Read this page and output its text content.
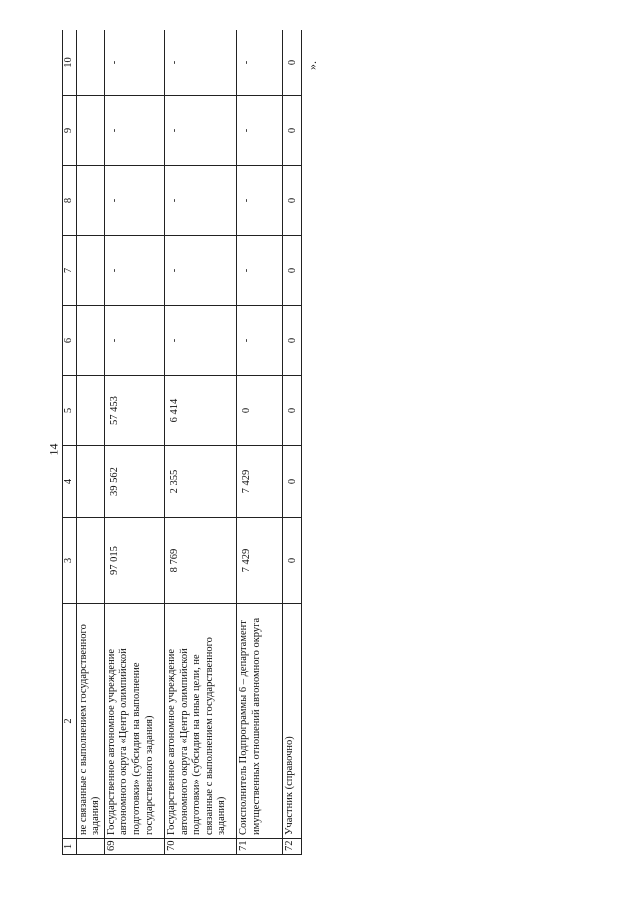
14
».
1	2	3	4	5	6	7	8	9	10
	не связанные с выполнением государственного задания)								
69	Государственное автономное учреждение автономного округа «Центр олимпийской подготовки» (субсидия на выполнение государственного задания)	97 015	39 562	57 453	-	-	-	-	-
70	Государственное автономное учреждение автономного округа «Центр олимпийской подготовки» (субсидия на иные цели, не связанные с выполнением государственного задания)	8 769	2 355	6 414	-	-	-	-	-
71	Соисполнитель Подпрограммы 6 – департамент имущественных отношений автономного округа	7 429	7 429	0	-	-	-	-	-
72	Участник (справочно)	0	0	0	0	0	0	0	0
